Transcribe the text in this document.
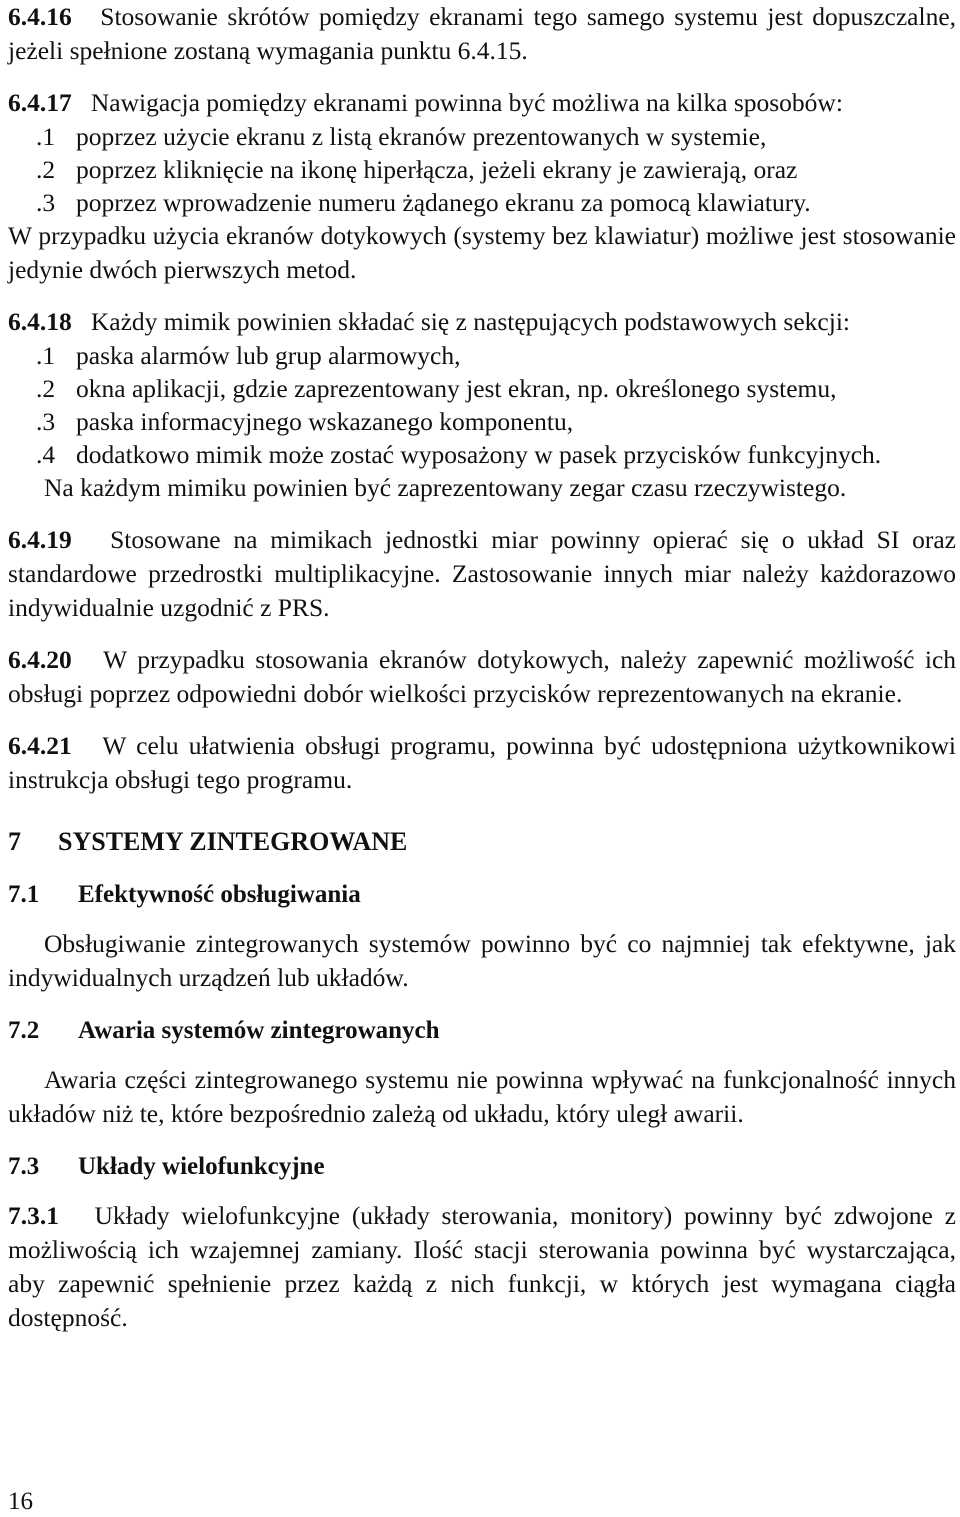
6.4.16 Stosowanie skrótów pomiędzy ekranami tego samego systemu jest dopuszczalne, jeżeli spełnione zostaną wymagania punktu 6.4.15.

6.4.17 Nawigacja pomiędzy ekranami powinna być możliwa na kilka sposobów:

.1 poprzez użycie ekranu z listą ekranów prezentowanych w systemie,
.2 poprzez kliknięcie na ikonę hiperłącza, jeżeli ekrany je zawierają, oraz
.3 poprzez wprowadzenie numeru żądanego ekranu za pomocą klawiatury.

W przypadku użycia ekranów dotykowych (systemy bez klawiatur) możliwe jest stosowanie jedynie dwóch pierwszych metod.

6.4.18 Każdy mimik powinien składać się z następujących podstawowych sekcji:

.1 paska alarmów lub grup alarmowych,
.2 okna aplikacji, gdzie zaprezentowany jest ekran, np. określonego systemu,
.3 paska informacyjnego wskazanego komponentu,
.4 dodatkowo mimik może zostać wyposażony w pasek przycisków funkcyjnych.

Na każdym mimiku powinien być zaprezentowany zegar czasu rzeczywistego.

6.4.19 Stosowane na mimikach jednostki miar powinny opierać się o układ SI oraz standardowe przedrostki multiplikacyjne. Zastosowanie innych miar należy każdorazowo indywidualnie uzgodnić z PRS.

6.4.20 W przypadku stosowania ekranów dotykowych, należy zapewnić możliwość ich obsługi poprzez odpowiedni dobór wielkości przycisków reprezentowanych na ekranie.

6.4.21 W celu ułatwienia obsługi programu, powinna być udostępniona użytkownikowi instrukcja obsługi tego programu.

7	SYSTEMY ZINTEGROWANE
7.1	Efektywność obsługiwania

Obsługiwanie zintegrowanych systemów powinno być co najmniej tak efektywne, jak indywidualnych urządzeń lub układów.

7.2	Awaria systemów zintegrowanych

Awaria części zintegrowanego systemu nie powinna wpływać na funkcjonalność innych układów niż te, które bezpośrednio zależą od układu, który uległ awarii.

7.3	Układy wielofunkcyjne

7.3.1 Układy wielofunkcyjne (układy sterowania, monitory) powinny być zdwojone z możliwością ich wzajemnej zamiany. Ilość stacji sterowania powinna być wystarczająca, aby zapewnić spełnienie przez każdą z nich funkcji, w których jest wymagana ciągła dostępność.

16
